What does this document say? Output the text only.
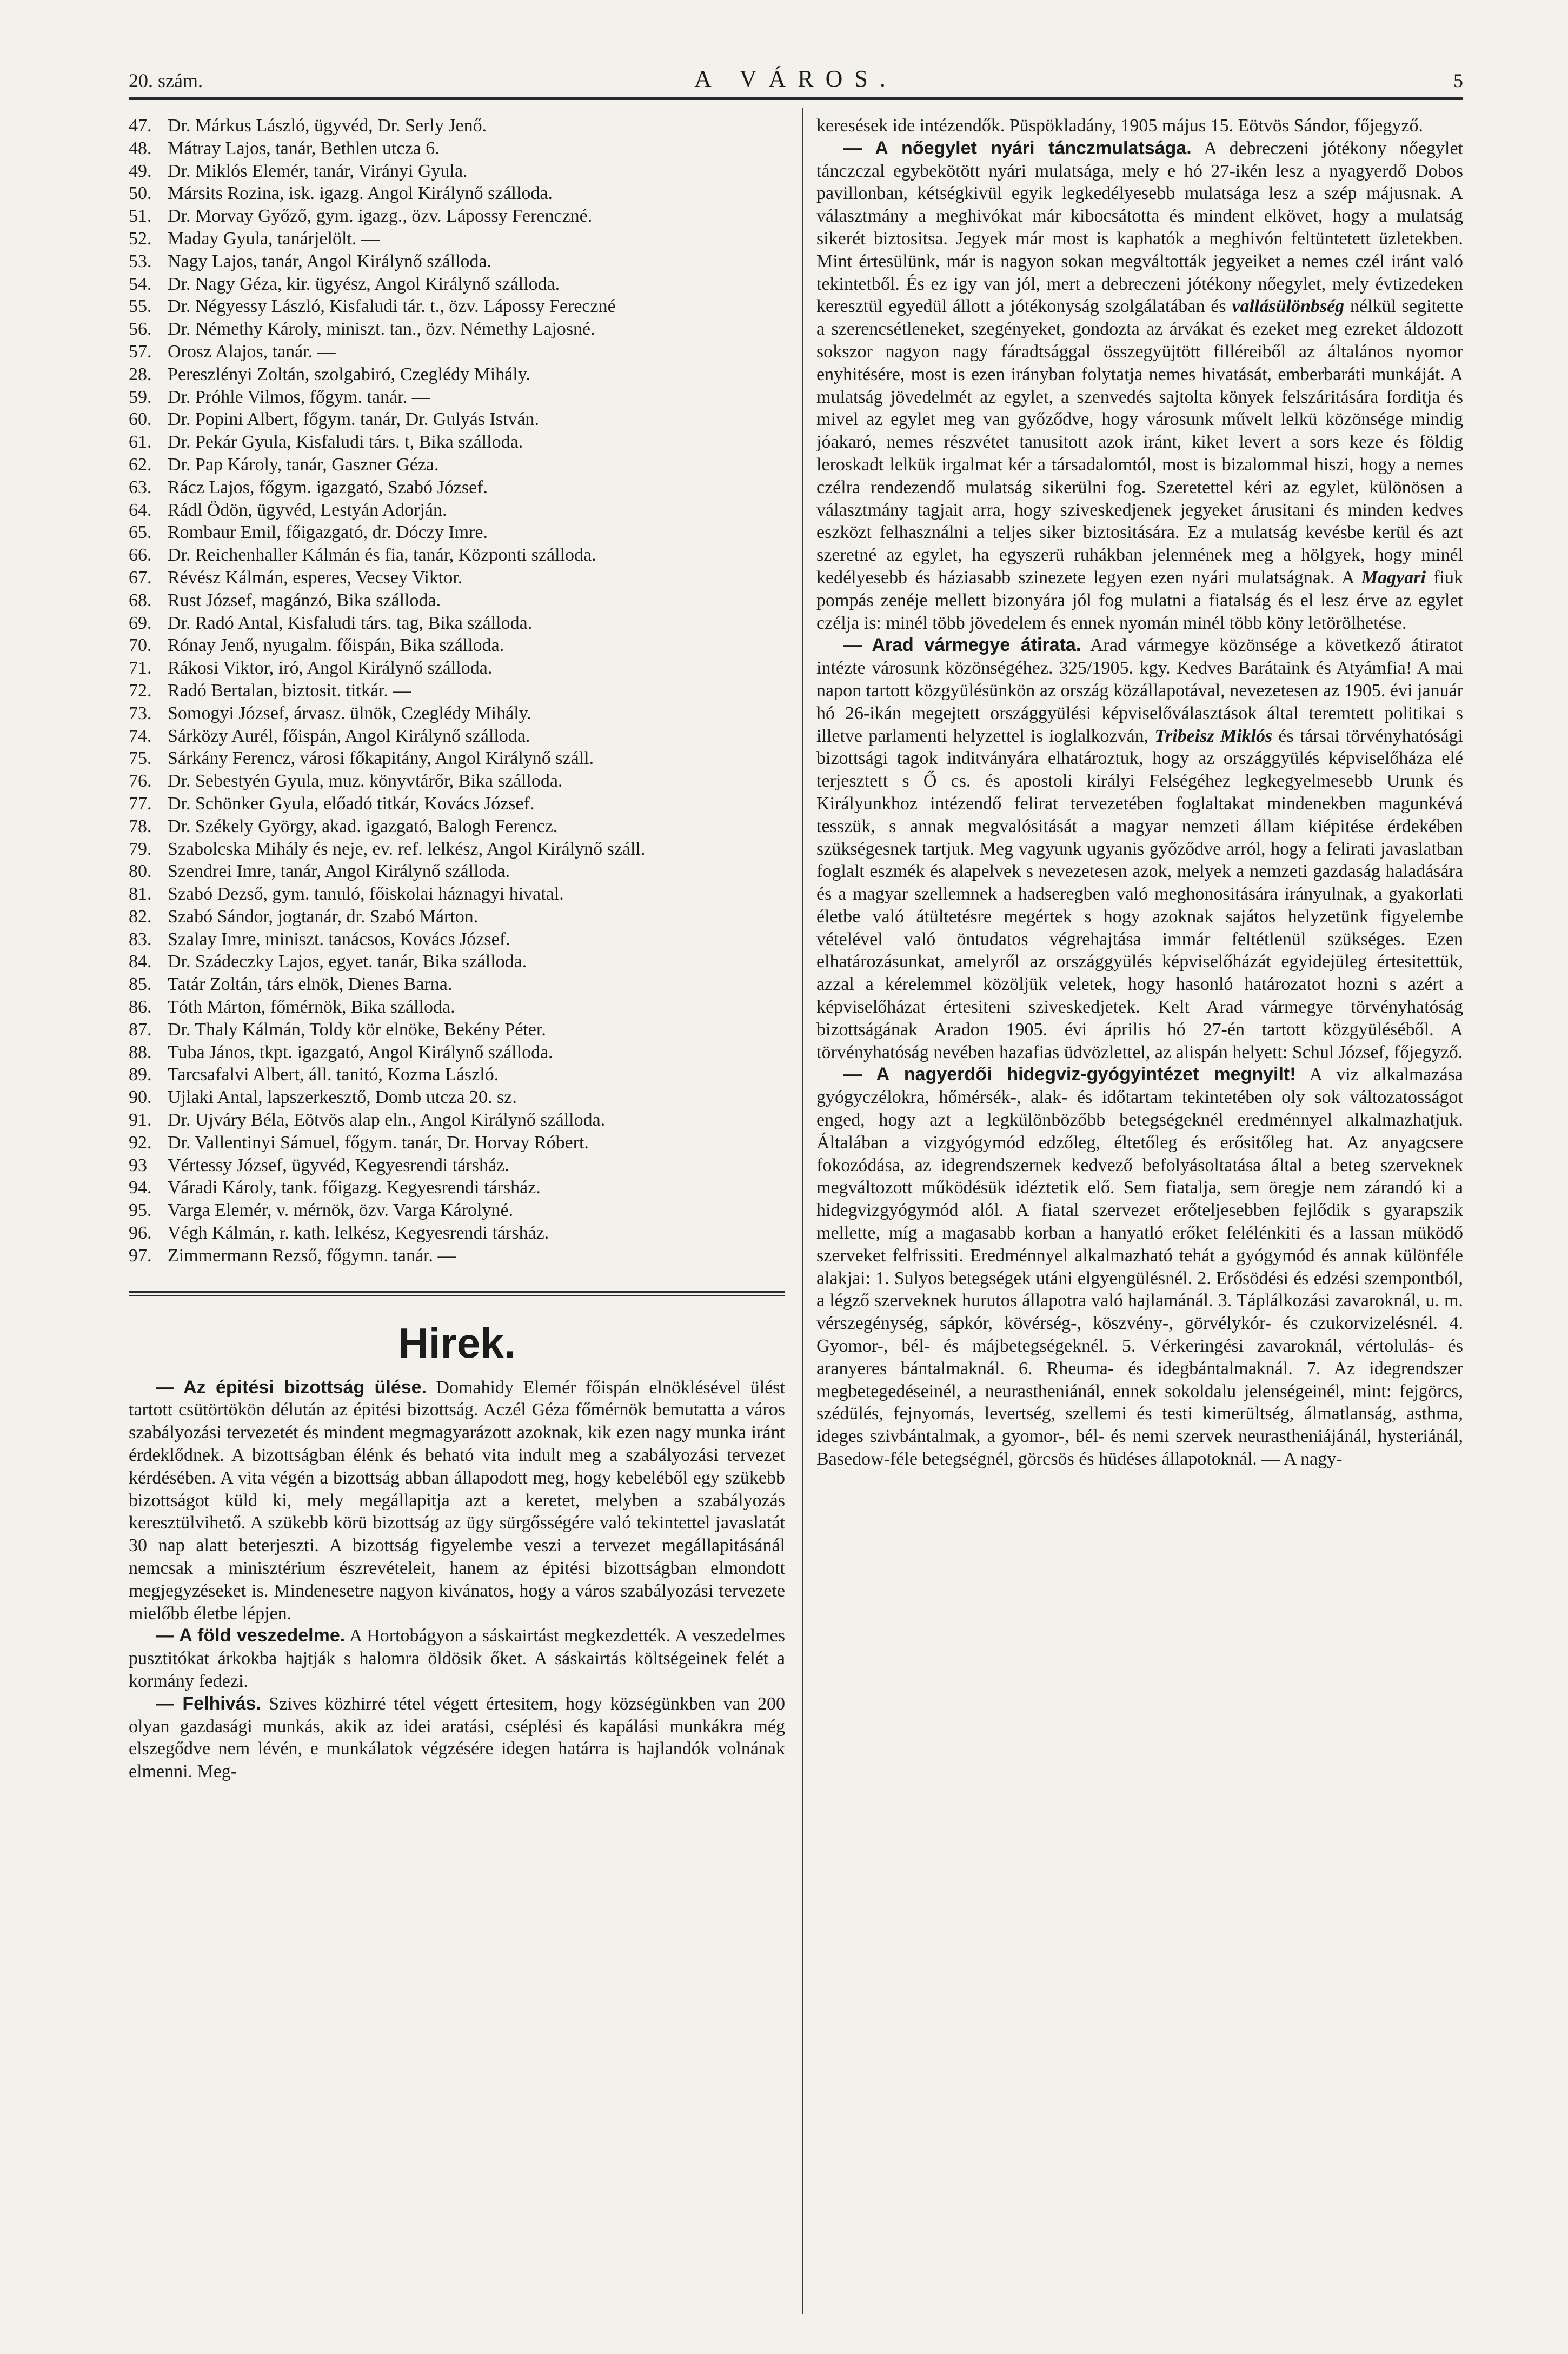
20. szám.	A VÁROS.	5
47. Dr. Márkus László, ügyvéd, Dr. Serly Jenő.
48. Mátray Lajos, tanár, Bethlen utcza 6.
49. Dr. Miklós Elemér, tanár, Virányi Gyula.
50. Mársits Rozina, isk. igazg. Angol Királynő szálloda.
51. Dr. Morvay Győző, gym. igazg., özv. Lápossy Ferenczné.
52. Maday Gyula, tanárjelölt. —
53. Nagy Lajos, tanár, Angol Királynő szálloda.
54. Dr. Nagy Géza, kir. ügyész, Angol Királynő szálloda.
55. Dr. Négyessy László, Kisfaludi tár. t., özv. Lápossy Fereczné
56. Dr. Némethy Károly, miniszt. tan., özv. Némethy Lajosné.
57. Orosz Alajos, tanár. —
28. Pereszlényi Zoltán, szolgabiró, Czeglédy Mihály.
59. Dr. Próhle Vilmos, főgym. tanár. —
60. Dr. Popini Albert, főgym. tanár, Dr. Gulyás István.
61. Dr. Pekár Gyula, Kisfaludi társ. t, Bika szálloda.
62. Dr. Pap Károly, tanár, Gaszner Géza.
63. Rácz Lajos, főgym. igazgató, Szabó József.
64. Rádl Ödön, ügyvéd, Lestyán Adorján.
65. Rombaur Emil, főigazgató, dr. Dóczy Imre.
66. Dr. Reichenhaller Kálmán és fia, tanár, Központi szálloda.
67. Révész Kálmán, esperes, Vecsey Viktor.
68. Rust József, magánzó, Bika szálloda.
69. Dr. Radó Antal, Kisfaludi társ. tag, Bika szálloda.
70. Rónay Jenő, nyugalm. főispán, Bika szálloda.
71. Rákosi Viktor, iró, Angol Királynő szálloda.
72. Radó Bertalan, biztosit. titkár. —
73. Somogyi József, árvasz. ülnök, Czeglédy Mihály.
74. Sárközy Aurél, főispán, Angol Királynő szálloda.
75. Sárkány Ferencz, városi főkapitány, Angol Királynő száll.
76. Dr. Sebestyén Gyula, muz. könyvtárőr, Bika szálloda.
77. Dr. Schönker Gyula, előadó titkár, Kovács József.
78. Dr. Székely György, akad. igazgató, Balogh Ferencz.
79. Szabolcska Mihály és neje, ev. ref. lelkész, Angol Királynő száll.
80. Szendrei Imre, tanár, Angol Királynő szálloda.
81. Szabó Dezső, gym. tanuló, főiskolai háznagyi hivatal.
82. Szabó Sándor, jogtanár, dr. Szabó Márton.
83. Szalay Imre, miniszt. tanácsos, Kovács József.
84. Dr. Szádeczky Lajos, egyet. tanár, Bika szálloda.
85. Tatár Zoltán, társ elnök, Dienes Barna.
86. Tóth Márton, főmérnök, Bika szálloda.
87. Dr. Thaly Kálmán, Toldy kör elnöke, Bekény Péter.
88. Tuba János, tkpt. igazgató, Angol Királynő szálloda.
89. Tarcsafalvi Albert, áll. tanitó, Kozma László.
90. Ujlaki Antal, lapszerkesztő, Domb utcza 20. sz.
91. Dr. Ujváry Béla, Eötvös alap eln., Angol Királynő szálloda.
92. Dr. Vallentinyi Sámuel, főgym. tanár, Dr. Horvay Róbert.
93 Vértessy József, ügyvéd, Kegyesrendi társház.
94. Váradi Károly, tank. főigazg. Kegyesrendi társház.
95. Varga Elemér, v. mérnök, özv. Varga Károlyné.
96. Végh Kálmán, r. kath. lelkész, Kegyesrendi társház.
97. Zimmermann Rezső, főgymn. tanár. —
Hirek.

— Az épitési bizottság ülése. Domahidy Elemér főispán elnöklésével ülést tartott csütörtökön délután az épitési bizottság. Aczél Géza főmérnök bemutatta a város szabályozási tervezetét és mindent megmagyarázott azoknak, kik ezen nagy munka iránt érdeklődnek. A bizottságban élénk és beható vita indult meg a szabályozási tervezet kérdésében. A vita végén a bizottság abban állapodott meg, hogy kebeléből egy szükebb bizottságot küld ki, mely megállapitja azt a keretet, melyben a szabályozás keresztülvihető. A szükebb körü bizottság az ügy sürgősségére való tekintettel javaslatát 30 nap alatt beterjeszti. A bizottság figyelembe veszi a tervezet megállapitásánál nemcsak a minisztérium észrevételeit, hanem az épitési bizottságban elmondott megjegyzéseket is. Mindenesetre nagyon kivánatos, hogy a város szabályozási tervezete mielőbb életbe lépjen.

— A föld veszedelme. A Hortobágyon a sáskairtást megkezdették. A veszedelmes pusztitókat árkokba hajtják s halomra öldösik őket. A sáskairtás költségeinek felét a kormány fedezi.

— Felhivás. Szives közhirré tétel végett értesitem, hogy községünkben van 200 olyan gazdasági munkás, akik az idei aratási, cséplési és kapálási munkákra még elszegődve nem lévén, e munkálatok végzésére idegen határra is hajlandók volnának elmenni. Meg-

keresések ide intézendők. Püspökladány, 1905 május 15. Eötvös Sándor, főjegyző.

— A nőegylet nyári tánczmulatsága. A debreczeni jótékony nőegylet tánczczal egybekötött nyári mulatsága, mely e hó 27-ikén lesz a nyagyerdő Dobos pavillonban, kétségkivül egyik legkedélyesebb mulatsága lesz a szép májusnak. A választmány a meghivókat már kibocsátotta és mindent elkövet, hogy a mulatság sikerét biztositsa. Jegyek már most is kaphatók a meghivón feltüntetett üzletekben. Mint értesülünk, már is nagyon sokan megváltották jegyeiket a nemes czél iránt való tekintetből. És ez igy van jól, mert a debreczeni jótékony nőegylet, mely évtizedeken keresztül egyedül állott a jótékonyság szolgálatában és vallásülönbség nélkül segitette a szerencsétleneket, szegényeket, gondozta az árvákat és ezeket meg ezreket áldozott sokszor nagyon nagy fáradtsággal összegyüjtött filléreiből az általános nyomor enyhitésére, most is ezen irányban folytatja nemes hivatását, emberbaráti munkáját. A mulatság jövedelmét az egylet, a szenvedés sajtolta könyek felszáritására forditja és mivel az egylet meg van győződve, hogy városunk művelt lelkü közönsége mindig jóakaró, nemes részvétet tanusitott azok iránt, kiket levert a sors keze és földig leroskadt lelkük irgalmat kér a társadalomtól, most is bizalommal hiszi, hogy a nemes czélra rendezendő mulatság sikerülni fog. Szeretettel kéri az egylet, különösen a választmány tagjait arra, hogy sziveskedjenek jegyeket árusitani és minden kedves eszközt felhasználni a teljes siker biztositására. Ez a mulatság kevésbe kerül és azt szeretné az egylet, ha egyszerü ruhákban jelennének meg a hölgyek, hogy minél kedélyesebb és háziasabb szinezete legyen ezen nyári mulatságnak. A Magyari fiuk pompás zenéje mellett bizonyára jól fog mulatni a fiatalság és el lesz érve az egylet czélja is: minél több jövedelem és ennek nyomán minél több köny letörölhetése.

— Arad vármegye átirata. Arad vármegye közönsége a következő átiratot intézte városunk közönségéhez. 325/1905. kgy. Kedves Barátaink és Atyámfia! A mai napon tartott közgyülésünkön az ország közállapotával, nevezetesen az 1905. évi január hó 26-ikán megejtett országgyülési képviselőválasztások által teremtett politikai s illetve parlamenti helyzettel is ioglalkozván, Tribeisz Miklós és társai törvényhatósági bizottsági tagok inditványára elhatároztuk, hogy az országgyülés képviselőháza elé terjesztett s Ő cs. és apostoli királyi Felségéhez legkegyelmesebb Urunk és Királyunkhoz intézendő felirat tervezetében foglaltakat mindenekben magunkévá tesszük, s annak megvalósitását a magyar nemzeti állam kiépitése érdekében szükségesnek tartjuk. Meg vagyunk ugyanis győződve arról, hogy a felirati javaslatban foglalt eszmék és alapelvek s nevezetesen azok, melyek a nemzeti gazdaság haladására és a magyar szellemnek a hadseregben való meghonositására irányulnak, a gyakorlati életbe való átültetésre megértek s hogy azoknak sajátos helyzetünk figyelembe vételével való öntudatos végrehajtása immár feltétlenül szükséges. Ezen elhatározásunkat, amelyről az országgyülés képviselőházát egyidejüleg értesitettük, azzal a kérelemmel közöljük veletek, hogy hasonló határozatot hozni s azért a képviselőházat értesiteni sziveskedjetek. Kelt Arad vármegye törvényhatóság bizottságának Aradon 1905. évi április hó 27-én tartott közgyüléséből. A törvényhatóság nevében hazafias üdvözlettel, az alispán helyett: Schul József, főjegyző.

— A nagyerdői hidegviz-gyógyintézet megnyilt! A viz alkalmazása gyógyczélokra, hőmérsék-, alak- és időtartam tekintetében oly sok változatosságot enged, hogy azt a legkülönbözőbb betegségeknél eredménnyel alkalmazhatjuk. Általában a vizgyógymód edzőleg, éltetőleg és erősitőleg hat. Az anyagcsere fokozódása, az idegrendszernek kedvező befolyásoltatása által a beteg szerveknek megváltozott működésük idéztetik elő. Sem fiatalja, sem öregje nem zárandó ki a hidegvizgyógymód alól. A fiatal szervezet erőteljesebben fejlődik s gyarapszik mellette, míg a magasabb korban a hanyatló erőket felélénkiti és a lassan müködő szerveket felfrissiti. Eredménnyel alkalmazható tehát a gyógymód és annak különféle alakjai: 1. Sulyos betegségek utáni elgyengülésnél. 2. Erősödési és edzési szempontból, a légző szerveknek hurutos állapotra való hajlamánál. 3. Táplálkozási zavaroknál, u. m. vérszegénység, sápkór, kövérség-, köszvény-, görvélykór- és czukorvizelésnél. 4. Gyomor-, bél- és májbetegségeknél. 5. Vérkeringési zavaroknál, vértolulás- és aranyeres bántalmaknál. 6. Rheuma- és idegbántalmaknál. 7. Az idegrendszer megbetegedéseinél, a neurastheniánál, ennek sokoldalu jelenségeinél, mint: fejgörcs, szédülés, fejnyomás, levertség, szellemi és testi kimerültség, álmatlanság, asthma, ideges szivbántalmak, a gyomor-, bél- és nemi szervek neurastheniájánál, hysteriánál, Basedow-féle betegségnél, görcsös és hüdéses állapotoknál. — A nagy-
